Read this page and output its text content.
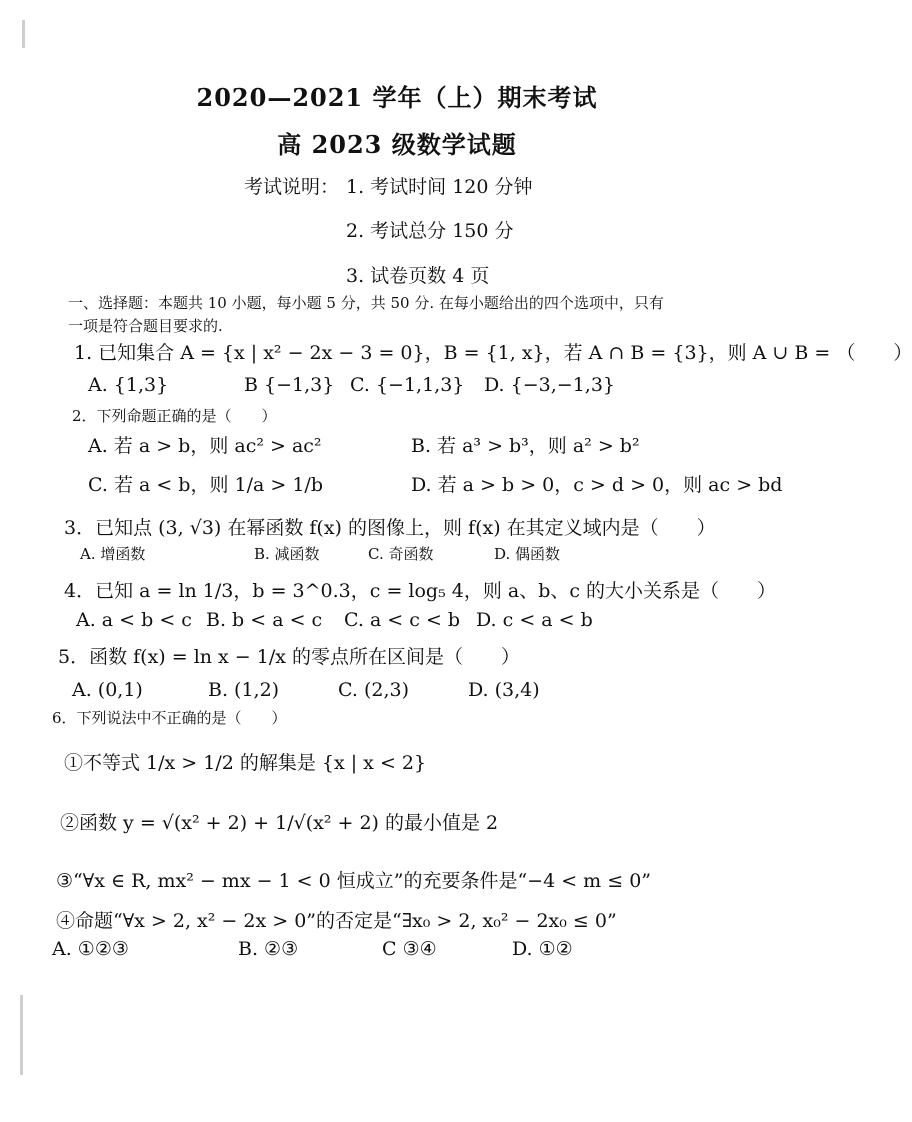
2020—2021 学年（上）期末考试
高 2023 级数学试题
考试说明： 1. 考试时间 120 分钟
2. 考试总分 150 分
3. 试卷页数 4 页
一、选择题：本题共 10 小题，每小题 5 分，共 50 分. 在每小题给出的四个选项中，只有
一项是符合题目要求的.
1. 已知集合 A = {x | x² − 2x − 3 = 0}，B = {1, x}，若 A ∩ B = {3}，则 A ∪ B = （　　）
A. {1,3}	B {−1,3} C. {−1,1,3} D. {−3,−1,3}
2．下列命题正确的是（　　）
A. 若 a > b，则 ac² > ac²	B. 若 a³ > b³，则 a² > b²
C. 若 a < b，则 1/a > 1/b	D. 若 a > b > 0，c > d > 0，则 ac > bd
3．已知点 (3, √3) 在幂函数 f(x) 的图像上，则 f(x) 在其定义域内是（　　）
A. 增函数	B. 减函数	C. 奇函数	D. 偶函数
4．已知 a = ln 1/3，b = 3^0.3，c = log₅ 4，则 a、b、c 的大小关系是（　　）
A. a < b < c B. b < a < c C. a < c < b D. c < a < b
5．函数 f(x) = ln x − 1/x 的零点所在区间是（　　）
A. (0,1)	B. (1,2)	C. (2,3)	D. (3,4)
6．下列说法中不正确的是（　　）
①不等式 1/x > 1/2 的解集是 {x | x < 2}
②函数 y = √(x² + 2) + 1/√(x² + 2) 的最小值是 2
③“∀x ∈ R, mx² − mx − 1 < 0 恒成立”的充要条件是“−4 < m ≤ 0”
④命题“∀x > 2, x² − 2x > 0”的否定是“∃x₀ > 2, x₀² − 2x₀ ≤ 0”
A. ①②③	B. ②③	C ③④	D. ①②
